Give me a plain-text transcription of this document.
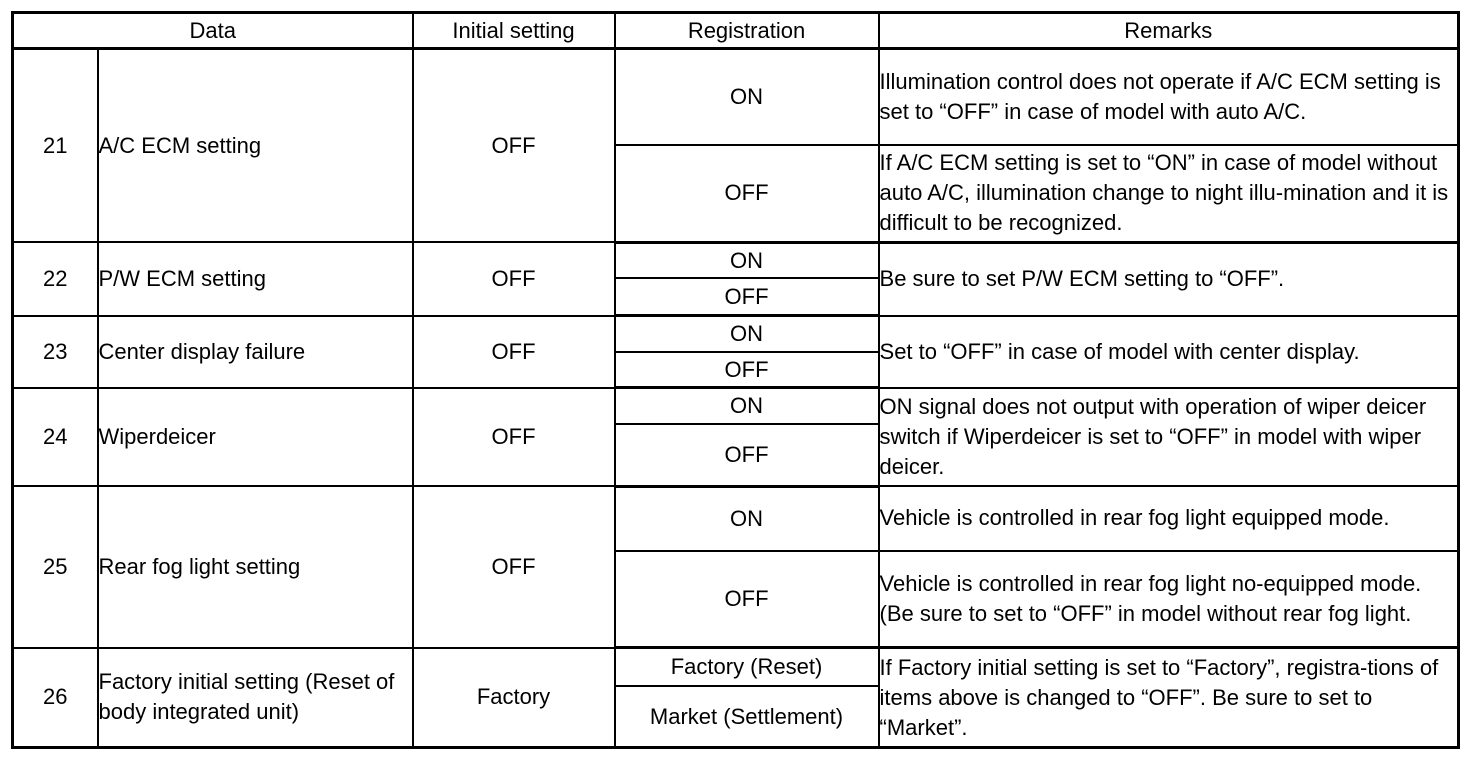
Data		Initial setting	Registration	Remarks
21	A/C ECM setting	OFF	ON	Illumination control does not operate if A/C ECM setting is set to “OFF” in case of model with auto A/C.
			OFF	If A/C ECM setting is set to “ON” in case of model without auto A/C, illumination change to night illu-mination and it is difficult to be recognized.
22	P/W ECM setting	OFF	ON	Be sure to set P/W ECM setting to “OFF”.
			OFF	
23	Center display failure	OFF	ON	Set to “OFF” in case of model with center display.
			OFF	
24	Wiperdeicer	OFF	ON	ON signal does not output with operation of wiper deicer switch if Wiperdeicer is set to “OFF” in model with wiper deicer.
			OFF	
25	Rear fog light setting	OFF	ON	Vehicle is controlled in rear fog light equipped mode.
			OFF	Vehicle is controlled in rear fog light no-equipped mode. (Be sure to set to “OFF” in model without rear fog light.
26	Factory initial setting (Reset of body integrated unit)	Factory	Factory (Reset)	If Factory initial setting is set to “Factory”, registra-tions of items above is changed to “OFF”. Be sure to set to “Market”.
			Market (Settlement)	
